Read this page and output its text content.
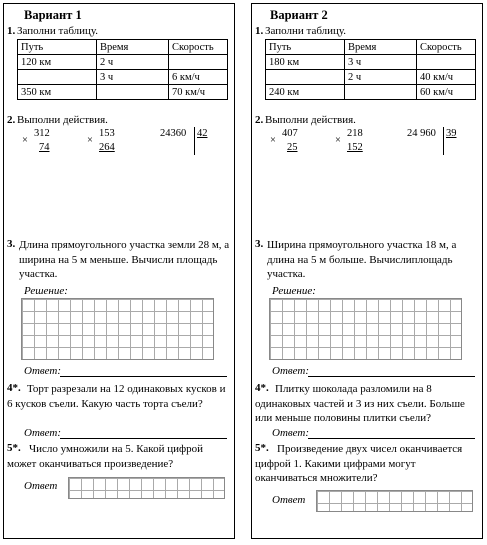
Вариант 1
1. Заполни таблицу.
Путь	Время	Скорость
120 км	2 ч	
	3 ч	6 км/ч
350 км		70 км/ч
2. Выполни действия.
×
312
74
×
153
264
24360 42
3. Длина прямоугольного участка земли 28 м, а ширина на 5 м меньше. Вычисли площадь участка.
Решение:
Ответ:
4*. Торт разрезали на 12 одинаковых кусков и 6 кусков съели. Какую часть торта съели?
Ответ:
5*. Число умножили на 5. Какой цифрой может оканчиваться произведение?
Ответ
Вариант 2
1. Заполни таблицу.
Путь	Время	Скорость
180 км	3 ч	
	2 ч	40 км/ч
240 км		60 км/ч
2. Выполни действия.
×
407
25
×
218
152
24 960 39
3. Ширина прямоугольного участка 18 м, а длина на 5 м больше. Вычислиплощадь участка.
Решение:
Ответ:
4*. Плитку шоколада разломили на 8 одинаковых частей и 3 из них съели. Больше или меньше половины плитки съели?
Ответ:
5*. Произведение двух чисел оканчивается цифрой 1. Какими цифрами могут оканчиваться множители?
Ответ
